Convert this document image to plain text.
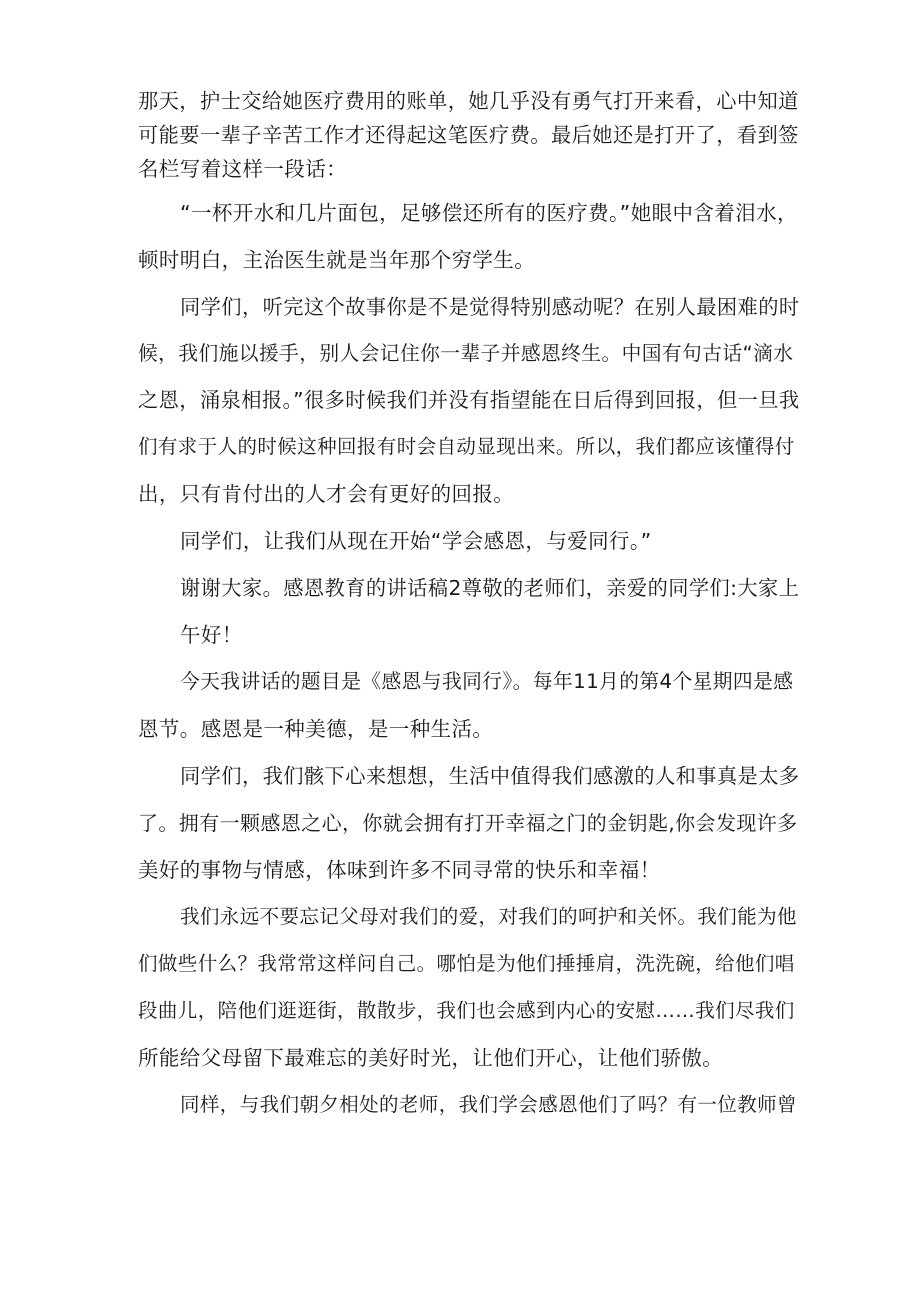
那天，护士交给她医疗费用的账单，她几乎没有勇气打开来看，心中知道

可能要一辈子辛苦工作才还得起这笔医疗费。最后她还是打开了，看到签

名栏写着这样一段话：

“一杯开水和几片面包，足够偿还所有的医疗费。”她眼中含着泪水，

顿时明白，主治医生就是当年那个穷学生。

同学们，听完这个故事你是不是觉得特别感动呢？在别人最困难的时

候，我们施以援手，别人会记住你一辈子并感恩终生。中国有句古话“滴水

之恩，涌泉相报。”很多时候我们并没有指望能在日后得到回报，但一旦我

们有求于人的时候这种回报有时会自动显现出来。所以，我们都应该懂得付

出，只有肯付出的人才会有更好的回报。

同学们，让我们从现在开始“学会感恩，与爱同行。”

谢谢大家。感恩教育的讲话稿2尊敬的老师们，亲爱的同学们:大家上

午好！

今天我讲话的题目是《感恩与我同行》。每年11月的第4个星期四是感

恩节。感恩是一种美德，是一种生活。

同学们，我们骸下心来想想，生活中值得我们感激的人和事真是太多

了。拥有一颗感恩之心，你就会拥有打开幸福之门的金钥匙,你会发现许多

美好的事物与情感，体味到许多不同寻常的快乐和幸福！

我们永远不要忘记父母对我们的爱，对我们的呵护和关怀。我们能为他

们做些什么？我常常这样问自己。哪怕是为他们捶捶肩，洗洗碗，给他们唱

段曲儿，陪他们逛逛街，散散步，我们也会感到内心的安慰……我们尽我们

所能给父母留下最难忘的美好时光，让他们开心，让他们骄傲。

同样，与我们朝夕相处的老师，我们学会感恩他们了吗？有一位教师曾
